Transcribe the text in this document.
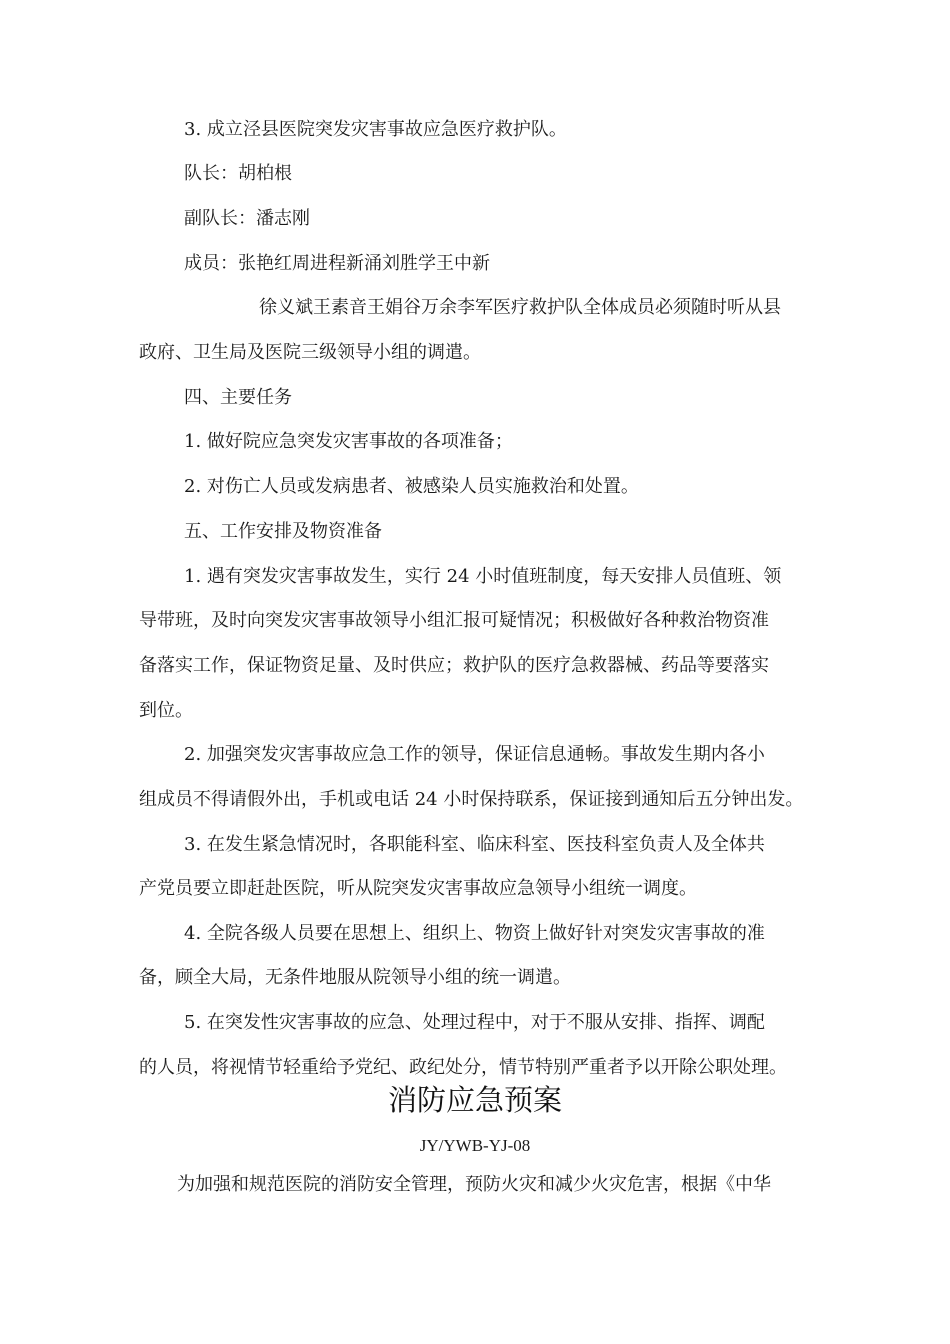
3. 成立泾县医院突发灾害事故应急医疗救护队。
队长：胡柏根
副队长：潘志刚
成员：张艳红周进程新涌刘胜学王中新
徐义斌王素音王娟谷万余李军医疗救护队全体成员必须随时听从县
政府、卫生局及医院三级领导小组的调遣。
四、主要任务
1. 做好院应急突发灾害事故的各项准备；
2. 对伤亡人员或发病患者、被感染人员实施救治和处置。
五、工作安排及物资准备
1. 遇有突发灾害事故发生，实行 24 小时值班制度，每天安排人员值班、领
导带班，及时向突发灾害事故领导小组汇报可疑情况；积极做好各种救治物资准
备落实工作，保证物资足量、及时供应；救护队的医疗急救器械、药品等要落实
到位。
2. 加强突发灾害事故应急工作的领导，保证信息通畅。事故发生期内各小
组成员不得请假外出，手机或电话 24 小时保持联系，保证接到通知后五分钟出发。
3. 在发生紧急情况时，各职能科室、临床科室、医技科室负责人及全体共
产党员要立即赶赴医院，听从院突发灾害事故应急领导小组统一调度。
4. 全院各级人员要在思想上、组织上、物资上做好针对突发灾害事故的准
备，顾全大局，无条件地服从院领导小组的统一调遣。
5. 在突发性灾害事故的应急、处理过程中，对于不服从安排、指挥、调配
的人员，将视情节轻重给予党纪、政纪处分，情节特别严重者予以开除公职处理。
消防应急预案
JY/YWB-YJ-08
为加强和规范医院的消防安全管理，预防火灾和减少火灾危害，根据《中华
